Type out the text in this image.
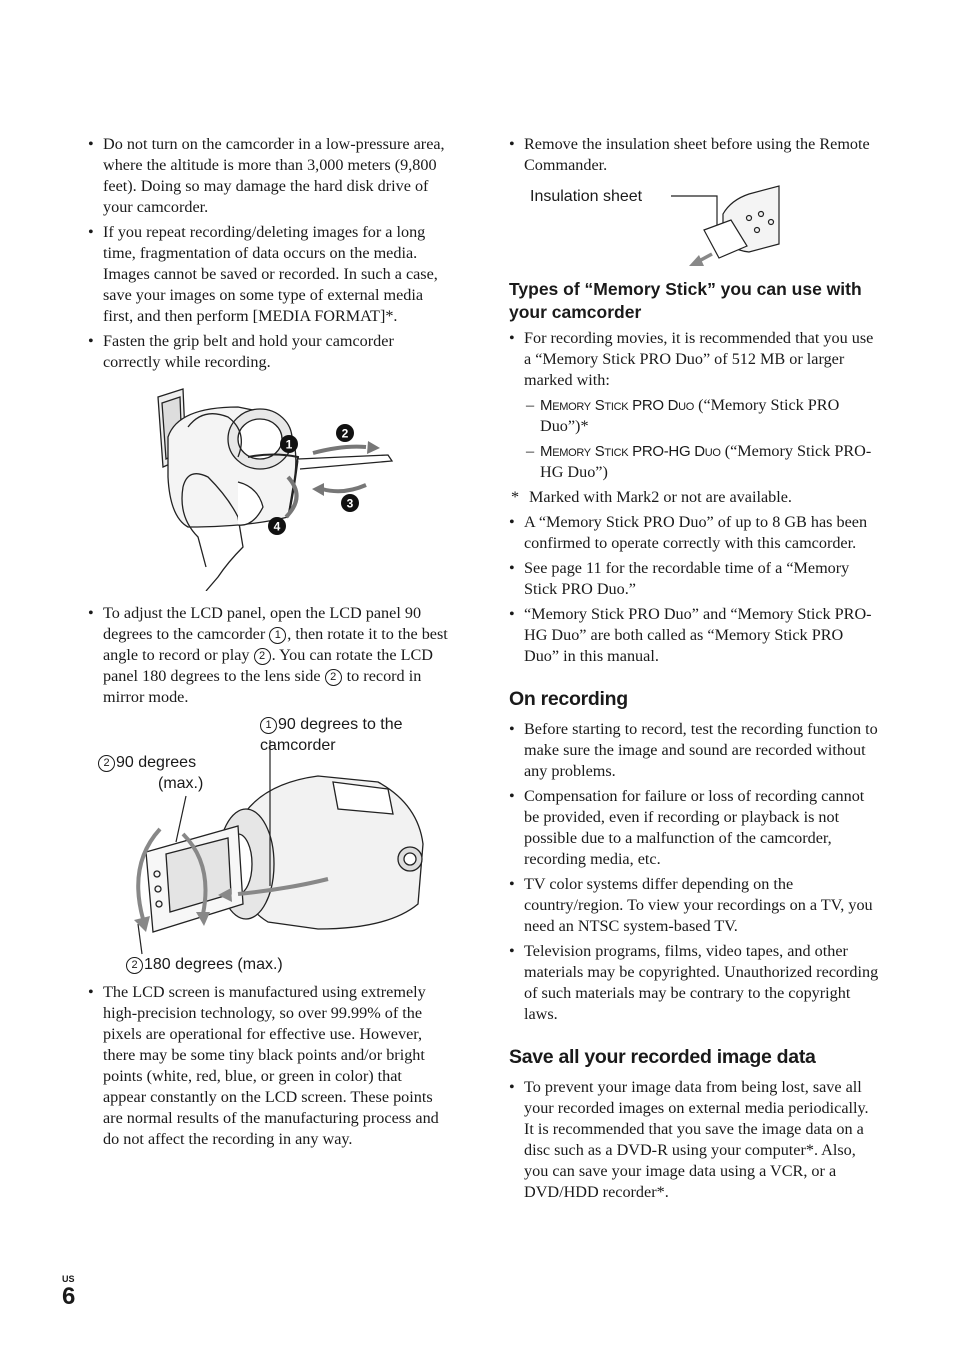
• Do not turn on the camcorder in a low-pressure area, where the altitude is more than 3,000 meters (9,800 feet). Doing so may damage the hard disk drive of your camcorder.
• If you repeat recording/deleting images for a long time, fragmentation of data occurs on the media. Images cannot be saved or recorded. In such a case, save your images on some type of external media first, and then perform [MEDIA FORMAT]*.
• Fasten the grip belt and hold your camcorder correctly while recording.
1
2
3
4
• To adjust the LCD panel, open the LCD panel 90 degrees to the camcorder 1 , then rotate it to the best angle to record or play 2 . You can rotate the LCD panel 180 degrees to the lens side 2 to record in mirror mode.
1 90 degrees to the camcorder
2 90 degrees
(max.)
2 180 degrees (max.)
• The LCD screen is manufactured using extremely high-precision technology, so over 99.99% of the pixels are operational for effective use. However, there may be some tiny black points and/or bright points (white, red, blue, or green in color) that appear constantly on the LCD screen. These points are normal results of the manufacturing process and do not affect the recording in any way.
• Remove the insulation sheet before using the Remote Commander.
Insulation sheet
Types of “Memory Stick” you can use with your camcorder
• For recording movies, it is recommended that you use a “Memory Stick PRO Duo” of 512 MB or larger marked with:
– Memory Stick PRO Duo (“Memory Stick PRO Duo”)*
– Memory Stick PRO-HG Duo (“Memory Stick PRO-HG Duo”)
* Marked with Mark2 or not are available.
• A “Memory Stick PRO Duo” of up to 8 GB has been confirmed to operate correctly with this camcorder.
• See page 11 for the recordable time of a “Memory Stick PRO Duo.”
• “Memory Stick PRO Duo” and “Memory Stick PRO-HG Duo” are both called as “Memory Stick PRO Duo” in this manual.
On recording
• Before starting to record, test the recording function to make sure the image and sound are recorded without any problems.
• Compensation for failure or loss of recording cannot be provided, even if recording or playback is not possible due to a malfunction of the camcorder, recording media, etc.
• TV color systems differ depending on the country/region. To view your recordings on a TV, you need an NTSC system-based TV.
• Television programs, films, video tapes, and other materials may be copyrighted. Unauthorized recording of such materials may be contrary to the copyright laws.
Save all your recorded image data
• To prevent your image data from being lost, save all your recorded images on external media periodically. It is recommended that you save the image data on a disc such as a DVD-R using your computer*. Also, you can save your image data using a VCR, or a DVD/HDD recorder*.
US
6
